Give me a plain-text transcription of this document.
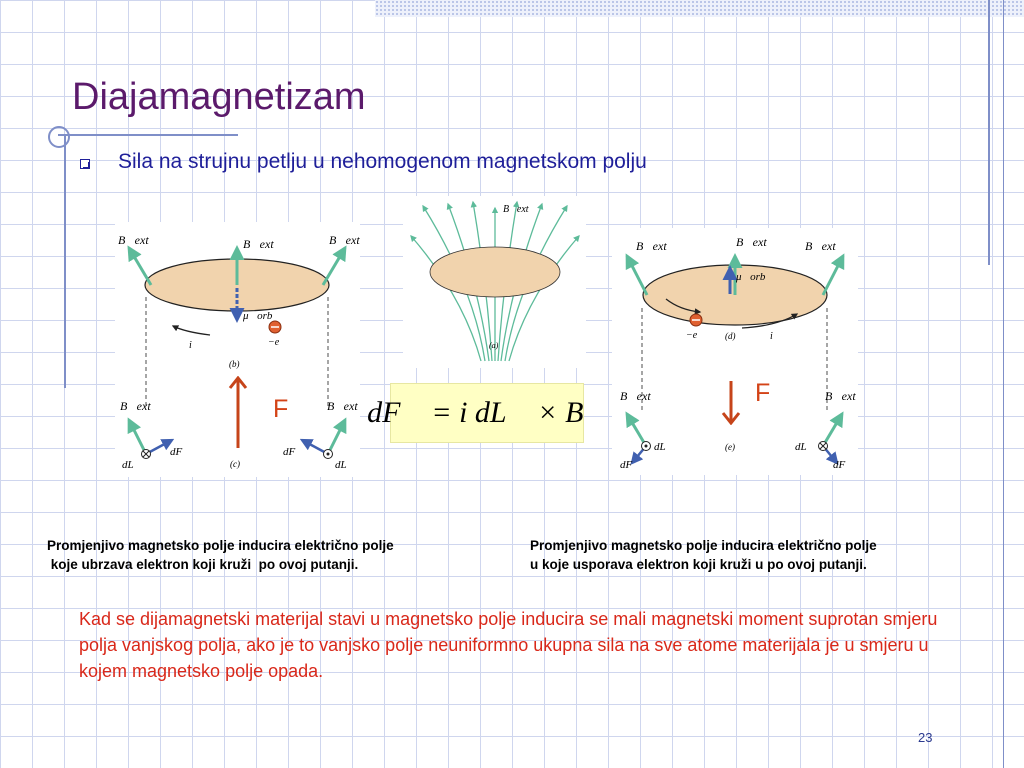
Diajamagnetizam
Sila na strujnu petlju u nehomogenom magnetskom polju
B⃗ext	B⃗ext	B⃗ext
μ⃗orb
i	−e
(b)
B⃗ext	B⃗ext
dL
dF	dF
dL
(c)
B⃗ext
(a)
dF⃗ = i dL⃗ × B⃗
B⃗ext	B⃗ext	B⃗ext
μ⃗orb
−e	(d)	i
B⃗ext	B⃗ext
dL
dF
dL
dF
(e)
F
F
Promjenjivo magnetsko polje inducira električno polje
koje ubrzava elektron koji kruži  po ovoj putanji.
Promjenjivo magnetsko polje inducira električno polje
u koje usporava elektron koji kruži u po ovoj putanji.
Kad se dijamagnetski materijal stavi u magnetsko polje inducira se mali magnetski moment suprotan smjeru polja vanjskog polja, ako je to vanjsko polje neuniformno ukupna sila na sve atome materijala je u smjeru u kojem magnetsko polje opada.
23
